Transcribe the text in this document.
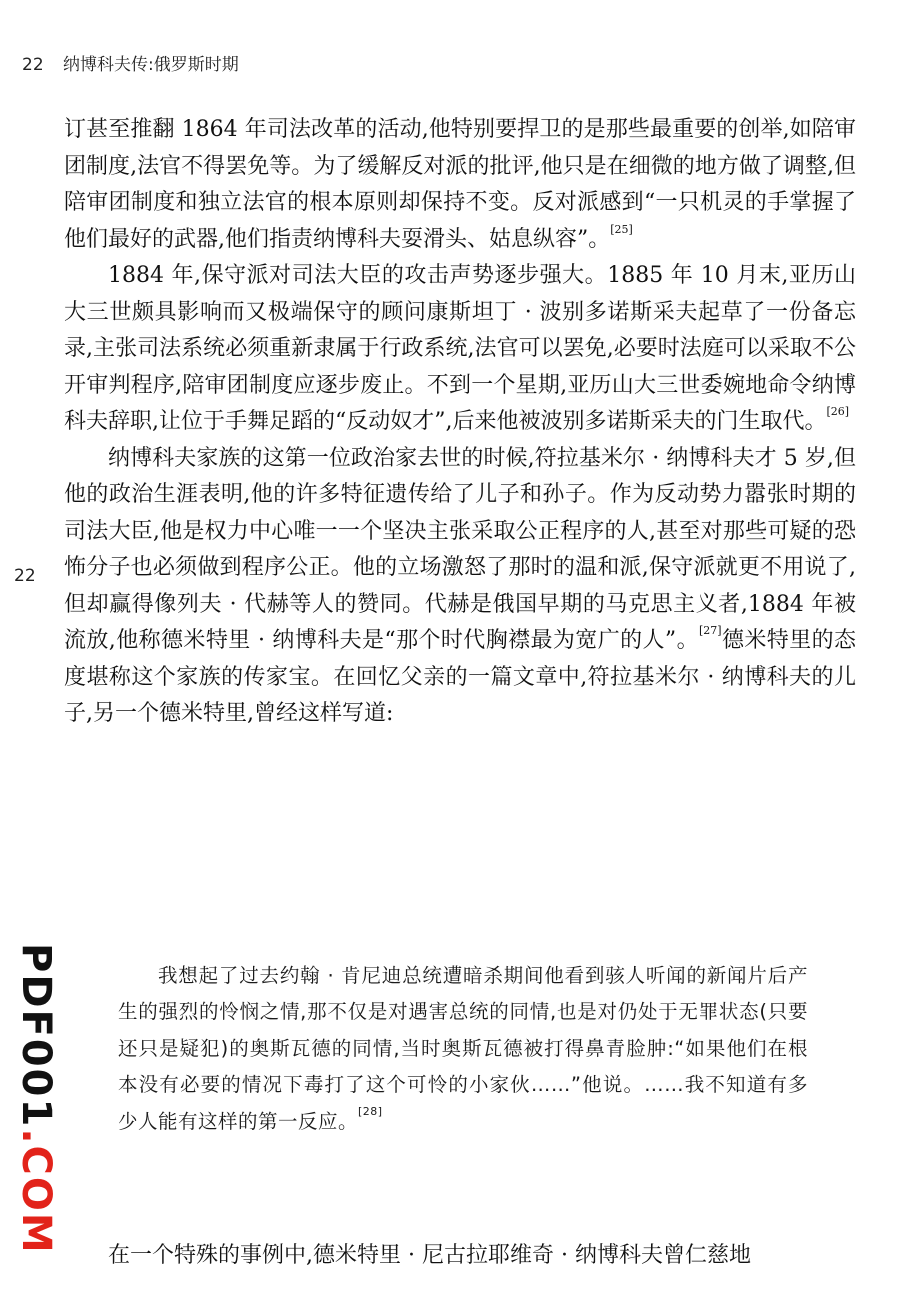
22 纳博科夫传:俄罗斯时期
22

订甚至推翻 1864 年司法改革的活动,他特别要捍卫的是那些最重要的创举,如陪审团制度,法官不得罢免等。为了缓解反对派的批评,他只是在细微的地方做了调整,但陪审团制度和独立法官的根本原则却保持不变。反对派感到“一只机灵的手掌握了他们最好的武器,他们指责纳博科夫耍滑头、姑息纵容”。[25]

1884 年,保守派对司法大臣的攻击声势逐步强大。1885 年 10 月末,亚历山大三世颇具影响而又极端保守的顾问康斯坦丁 · 波别多诺斯采夫起草了一份备忘录,主张司法系统必须重新隶属于行政系统,法官可以罢免,必要时法庭可以采取不公开审判程序,陪审团制度应逐步废止。不到一个星期,亚历山大三世委婉地命令纳博科夫辞职,让位于手舞足蹈的“反动奴才”,后来他被波别多诺斯采夫的门生取代。[26]

纳博科夫家族的这第一位政治家去世的时候,符拉基米尔 · 纳博科夫才 5 岁,但他的政治生涯表明,他的许多特征遗传给了儿子和孙子。作为反动势力嚣张时期的司法大臣,他是权力中心唯一一个坚决主张采取公正程序的人,甚至对那些可疑的恐怖分子也必须做到程序公正。他的立场激怒了那时的温和派,保守派就更不用说了,但却赢得像列夫 · 代赫等人的赞同。代赫是俄国早期的马克思主义者,1884 年被流放,他称德米特里 · 纳博科夫是“那个时代胸襟最为宽广的人”。[27]德米特里的态度堪称这个家族的传家宝。在回忆父亲的一篇文章中,符拉基米尔 · 纳博科夫的儿子,另一个德米特里,曾经这样写道:

我想起了过去约翰 · 肯尼迪总统遭暗杀期间他看到骇人听闻的新闻片后产生的强烈的怜悯之情,那不仅是对遇害总统的同情,也是对仍处于无罪状态(只要还只是疑犯)的奥斯瓦德的同情,当时奥斯瓦德被打得鼻青脸肿:“如果他们在根本没有必要的情况下毒打了这个可怜的小家伙……”他说。……我不知道有多少人能有这样的第一反应。[28]

在一个特殊的事例中,德米特里 · 尼古拉耶维奇 · 纳博科夫曾仁慈地
PDF001.COM
